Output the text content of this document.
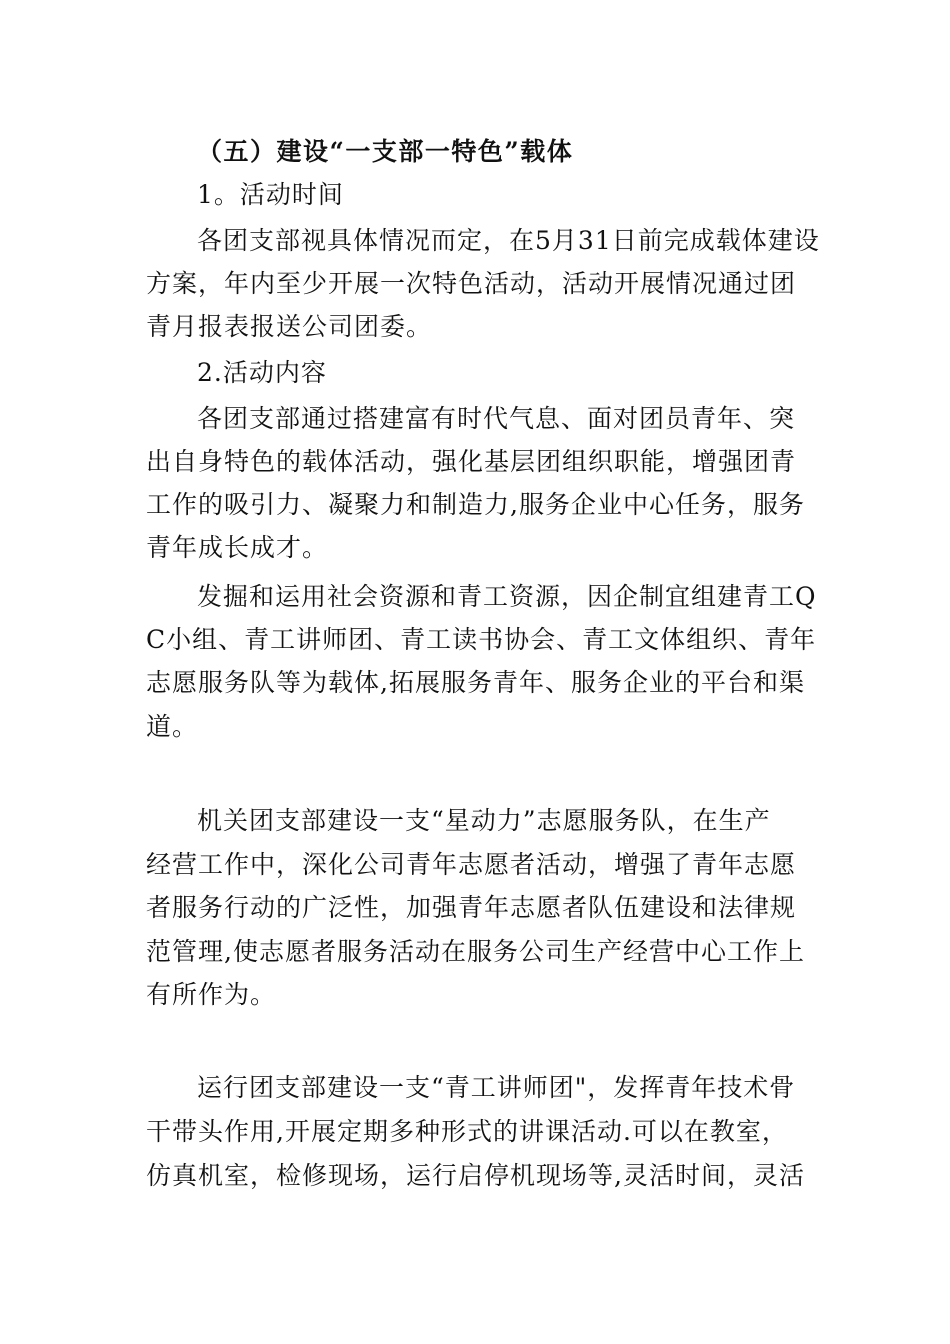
（五）建设“一支部一特色”载体
1。活动时间
各团支部视具体情况而定，在5月31日前完成载体建设
方案，年内至少开展一次特色活动，活动开展情况通过团
青月报表报送公司团委。
2.活动内容
各团支部通过搭建富有时代气息、面对团员青年、突
出自身特色的载体活动，强化基层团组织职能，增强团青
工作的吸引力、凝聚力和制造力,服务企业中心任务，服务
青年成长成才。
发掘和运用社会资源和青工资源，因企制宜组建青工Q
C小组、青工讲师团、青工读书协会、青工文体组织、青年
志愿服务队等为载体,拓展服务青年、服务企业的平台和渠
道。
机关团支部建设一支“星动力”志愿服务队，在生产
经营工作中，深化公司青年志愿者活动，增强了青年志愿
者服务行动的广泛性，加强青年志愿者队伍建设和法律规
范管理,使志愿者服务活动在服务公司生产经营中心工作上
有所作为。
运行团支部建设一支“青工讲师团"，发挥青年技术骨
干带头作用,开展定期多种形式的讲课活动.可以在教室，
仿真机室，检修现场，运行启停机现场等,灵活时间，灵活
